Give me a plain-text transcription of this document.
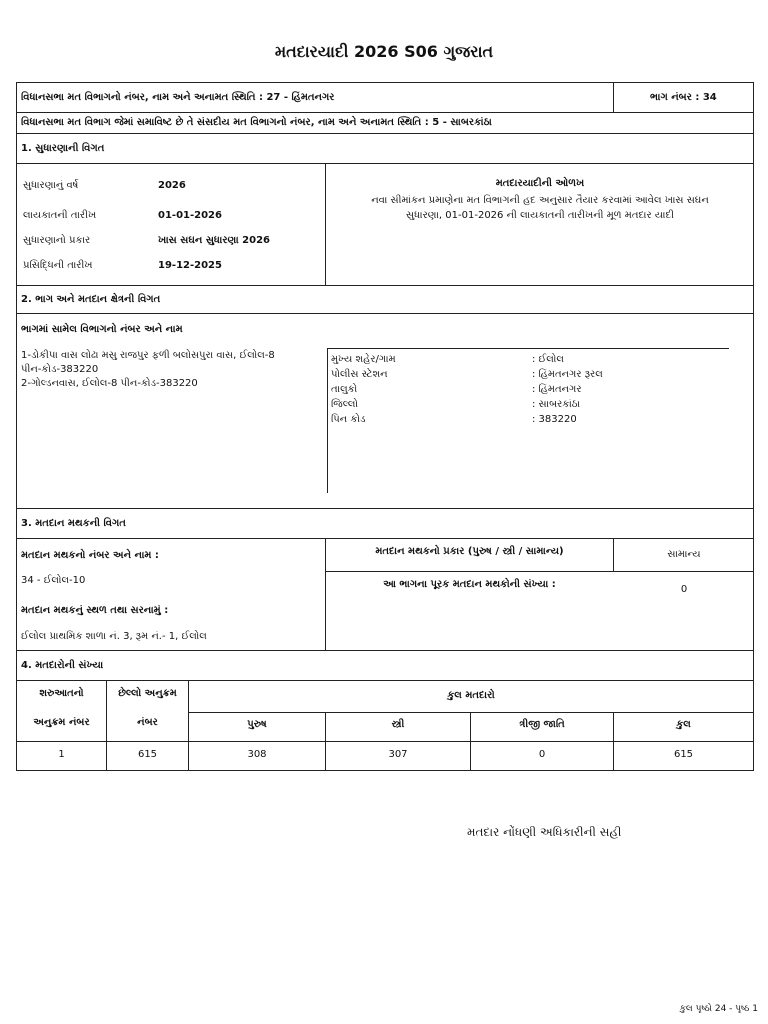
મતદારયાદી 2026 S06 ગુજરાત
વિધાનસભા મત વિભાગનો નંબર, નામ અને અનામત સ્થિતિ : 27 - હિંમતનગર	ભાગ નંબર : 34
વિધાનસભા મત વિભાગ જેમાં સમાવિષ્ટ છે તે સંસદીય મત વિભાગનો નંબર, નામ અને અનામત સ્થિતિ : 5 - સાબરકાંઠા
1. સુધારણાની વિગત
સુધારણાનું વર્ષ	2026
લાયકાતની તારીખ	01-01-2026
સુધારણાનો પ્રકાર	ખાસ સઘન સુધારણા 2026
પ્રસિદ્ધિની તારીખ	19-12-2025
મતદારયાદીની ઓળખ
નવા સીમાંકન પ્રમાણેના મત વિભાગની હદ અનુસાર તૈયાર કરવામાં આવેલ ખાસ સઘન
સુધારણા, 01-01-2026 ની લાયકાતની તારીખની મૂળ મતદાર યાદી
2. ભાગ અને મતદાન ક્ષેત્રની વિગત
ભાગમાં સામેલ વિભાગનો નંબર અને નામ
1-ડોકીપા વાસ લોઢા મસુ રાજપુર ફળી બલોસપુરા વાસ, ઈલોલ-8
પીન-કોડ-383220
2-ગોલ્ડનવાસ, ઈલોલ-8 પીન-કોડ-383220
મુખ્ય શહેર/ગામ	: ઈલોલ
પોલીસ સ્ટેશન	: હિંમતનગર રૂરલ
તાલુકો	: હિંમતનગર
જિલ્લો	: સાબરકાંઠા
પિન કોડ	: 383220
3. મતદાન મથકની વિગત
મતદાન મથકનો નંબર અને નામ :
34 - ઈલોલ-10
મતદાન મથકનું સ્થળ તથા સરનામું :
ઈલોલ પ્રાથમિક શાળા નં. 3, રૂમ નં.- 1, ઈલોલ
મતદાન મથકનો પ્રકાર (પુરુષ / સ્ત્રી / સામાન્ય)	સામાન્ય
આ ભાગના પૂરક મતદાન મથકોની સંખ્યા :	0
4. મતદારોની સંખ્યા
શરુઆતનો
અનુક્રમ નંબર
છેલ્લો અનુક્રમ
નંબર
કુલ મતદારો
પુરુષ	સ્ત્રી	ત્રીજી જાતિ	કુલ
1	615	308	307	0	615
મતદાર નોંધણી અધિકારીની સહી
કુલ પૃષ્ઠો 24 - પૃષ્ઠ 1
